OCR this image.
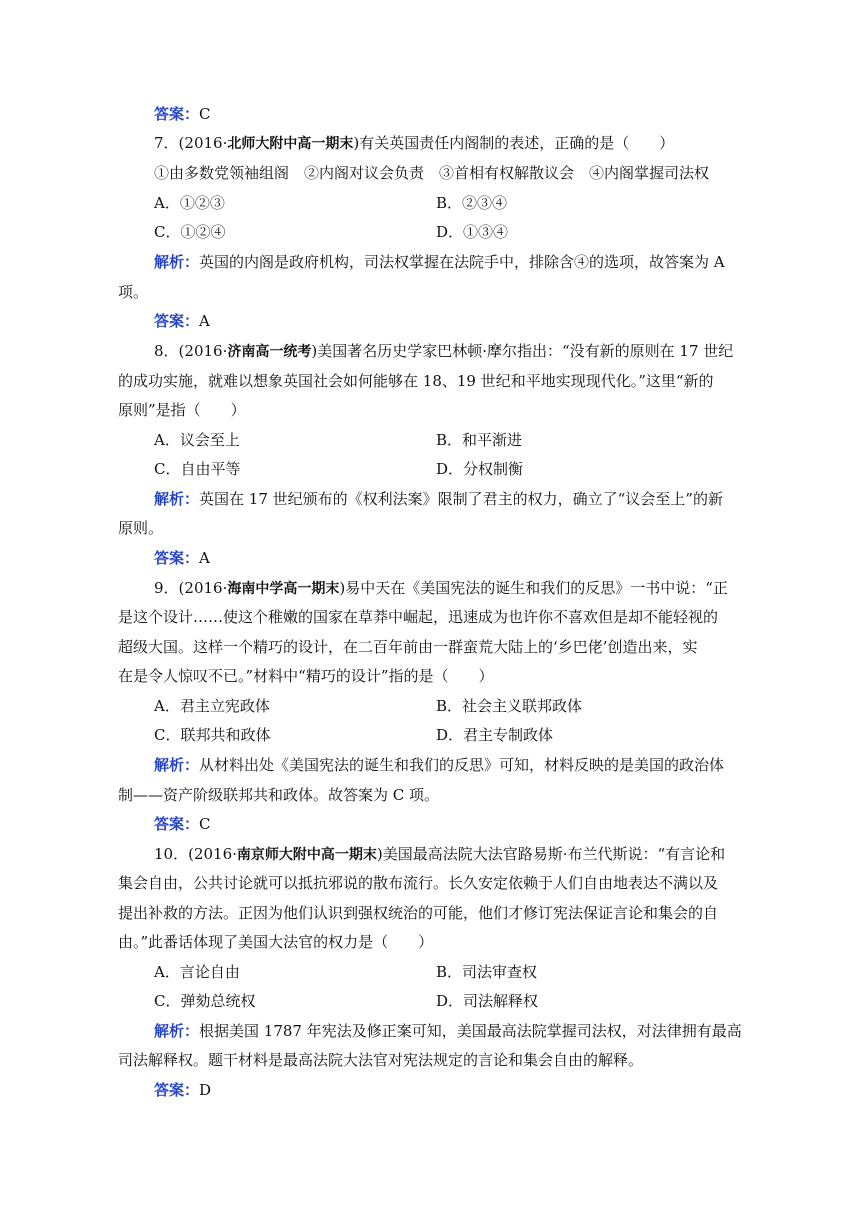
答案：C
7．(2016·北师大附中高一期末)有关英国责任内阁制的表述，正确的是（　　）
①由多数党领袖组阁　②内阁对议会负责　③首相有权解散议会　④内阁掌握司法权
A．①②③	B．②③④
C．①②④	D．①③④
解析：英国的内阁是政府机构，司法权掌握在法院手中，排除含④的选项，故答案为 A
项。
答案：A
8．(2016·济南高一统考)美国著名历史学家巴林顿·摩尔指出：“没有新的原则在 17 世纪
的成功实施，就难以想象英国社会如何能够在 18、19 世纪和平地实现现代化。”这里“新的
原则”是指（　　）
A．议会至上	B．和平渐进
C．自由平等	D．分权制衡
解析：英国在 17 世纪颁布的《权利法案》限制了君主的权力，确立了“议会至上”的新
原则。
答案：A
9．(2016·海南中学高一期末)易中天在《美国宪法的诞生和我们的反思》一书中说：“正
是这个设计……使这个稚嫩的国家在草莽中崛起，迅速成为也许你不喜欢但是却不能轻视的
超级大国。这样一个精巧的设计，在二百年前由一群蛮荒大陆上的‘乡巴佬’创造出来，实
在是令人惊叹不已。”材料中“精巧的设计”指的是（　　）
A．君主立宪政体	B．社会主义联邦政体
C．联邦共和政体	D．君主专制政体
解析：从材料出处《美国宪法的诞生和我们的反思》可知，材料反映的是美国的政治体
制——资产阶级联邦共和政体。故答案为 C 项。
答案：C
10．(2016·南京师大附中高一期末)美国最高法院大法官路易斯·布兰代斯说：“有言论和
集会自由，公共讨论就可以抵抗邪说的散布流行。长久安定依赖于人们自由地表达不满以及
提出补救的方法。正因为他们认识到强权统治的可能，他们才修订宪法保证言论和集会的自
由。”此番话体现了美国大法官的权力是（　　）
A．言论自由	B．司法审查权
C．弹劾总统权	D．司法解释权
解析：根据美国 1787 年宪法及修正案可知，美国最高法院掌握司法权，对法律拥有最高
司法解释权。题干材料是最高法院大法官对宪法规定的言论和集会自由的解释。
答案：D
